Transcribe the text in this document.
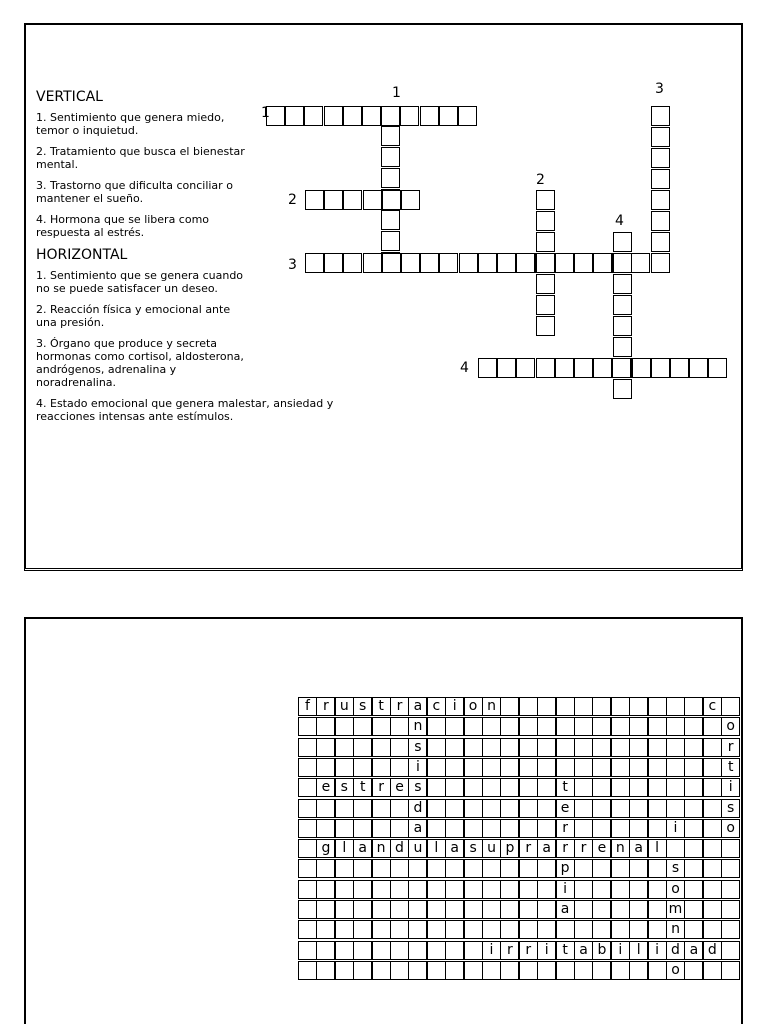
VERTICAL

1. Sentimiento que genera miedo, temor o inquietud.

2. Tratamiento que busca el bienestar mental.

3. Trastorno que dificulta conciliar o mantener el sueño.

4. Hormona que se libera como respuesta al estrés.

HORIZONTAL

1. Sentimiento que se genera cuando no se puede satisfacer un deseo.

2. Reacción física y emocional ante una presión.

3. Órgano que produce y secreta hormonas como cortisol, aldosterona, andrógenos, adrenalina y noradrenalina.

4. Estado emocional que genera malestar, ansiedad y reacciones intensas ante estímulos.

1	3
2
4
1
2
3
4
f r u s t r a c i o n	c
n	o
s	r
i	t
e s t r e s	t	i
d	e	s
a	r	i	o
g l a n d u l a s u p r a r r e n a l
p	s
i	o
a	m
n
i r r i t a b i	l	i d a d
o
